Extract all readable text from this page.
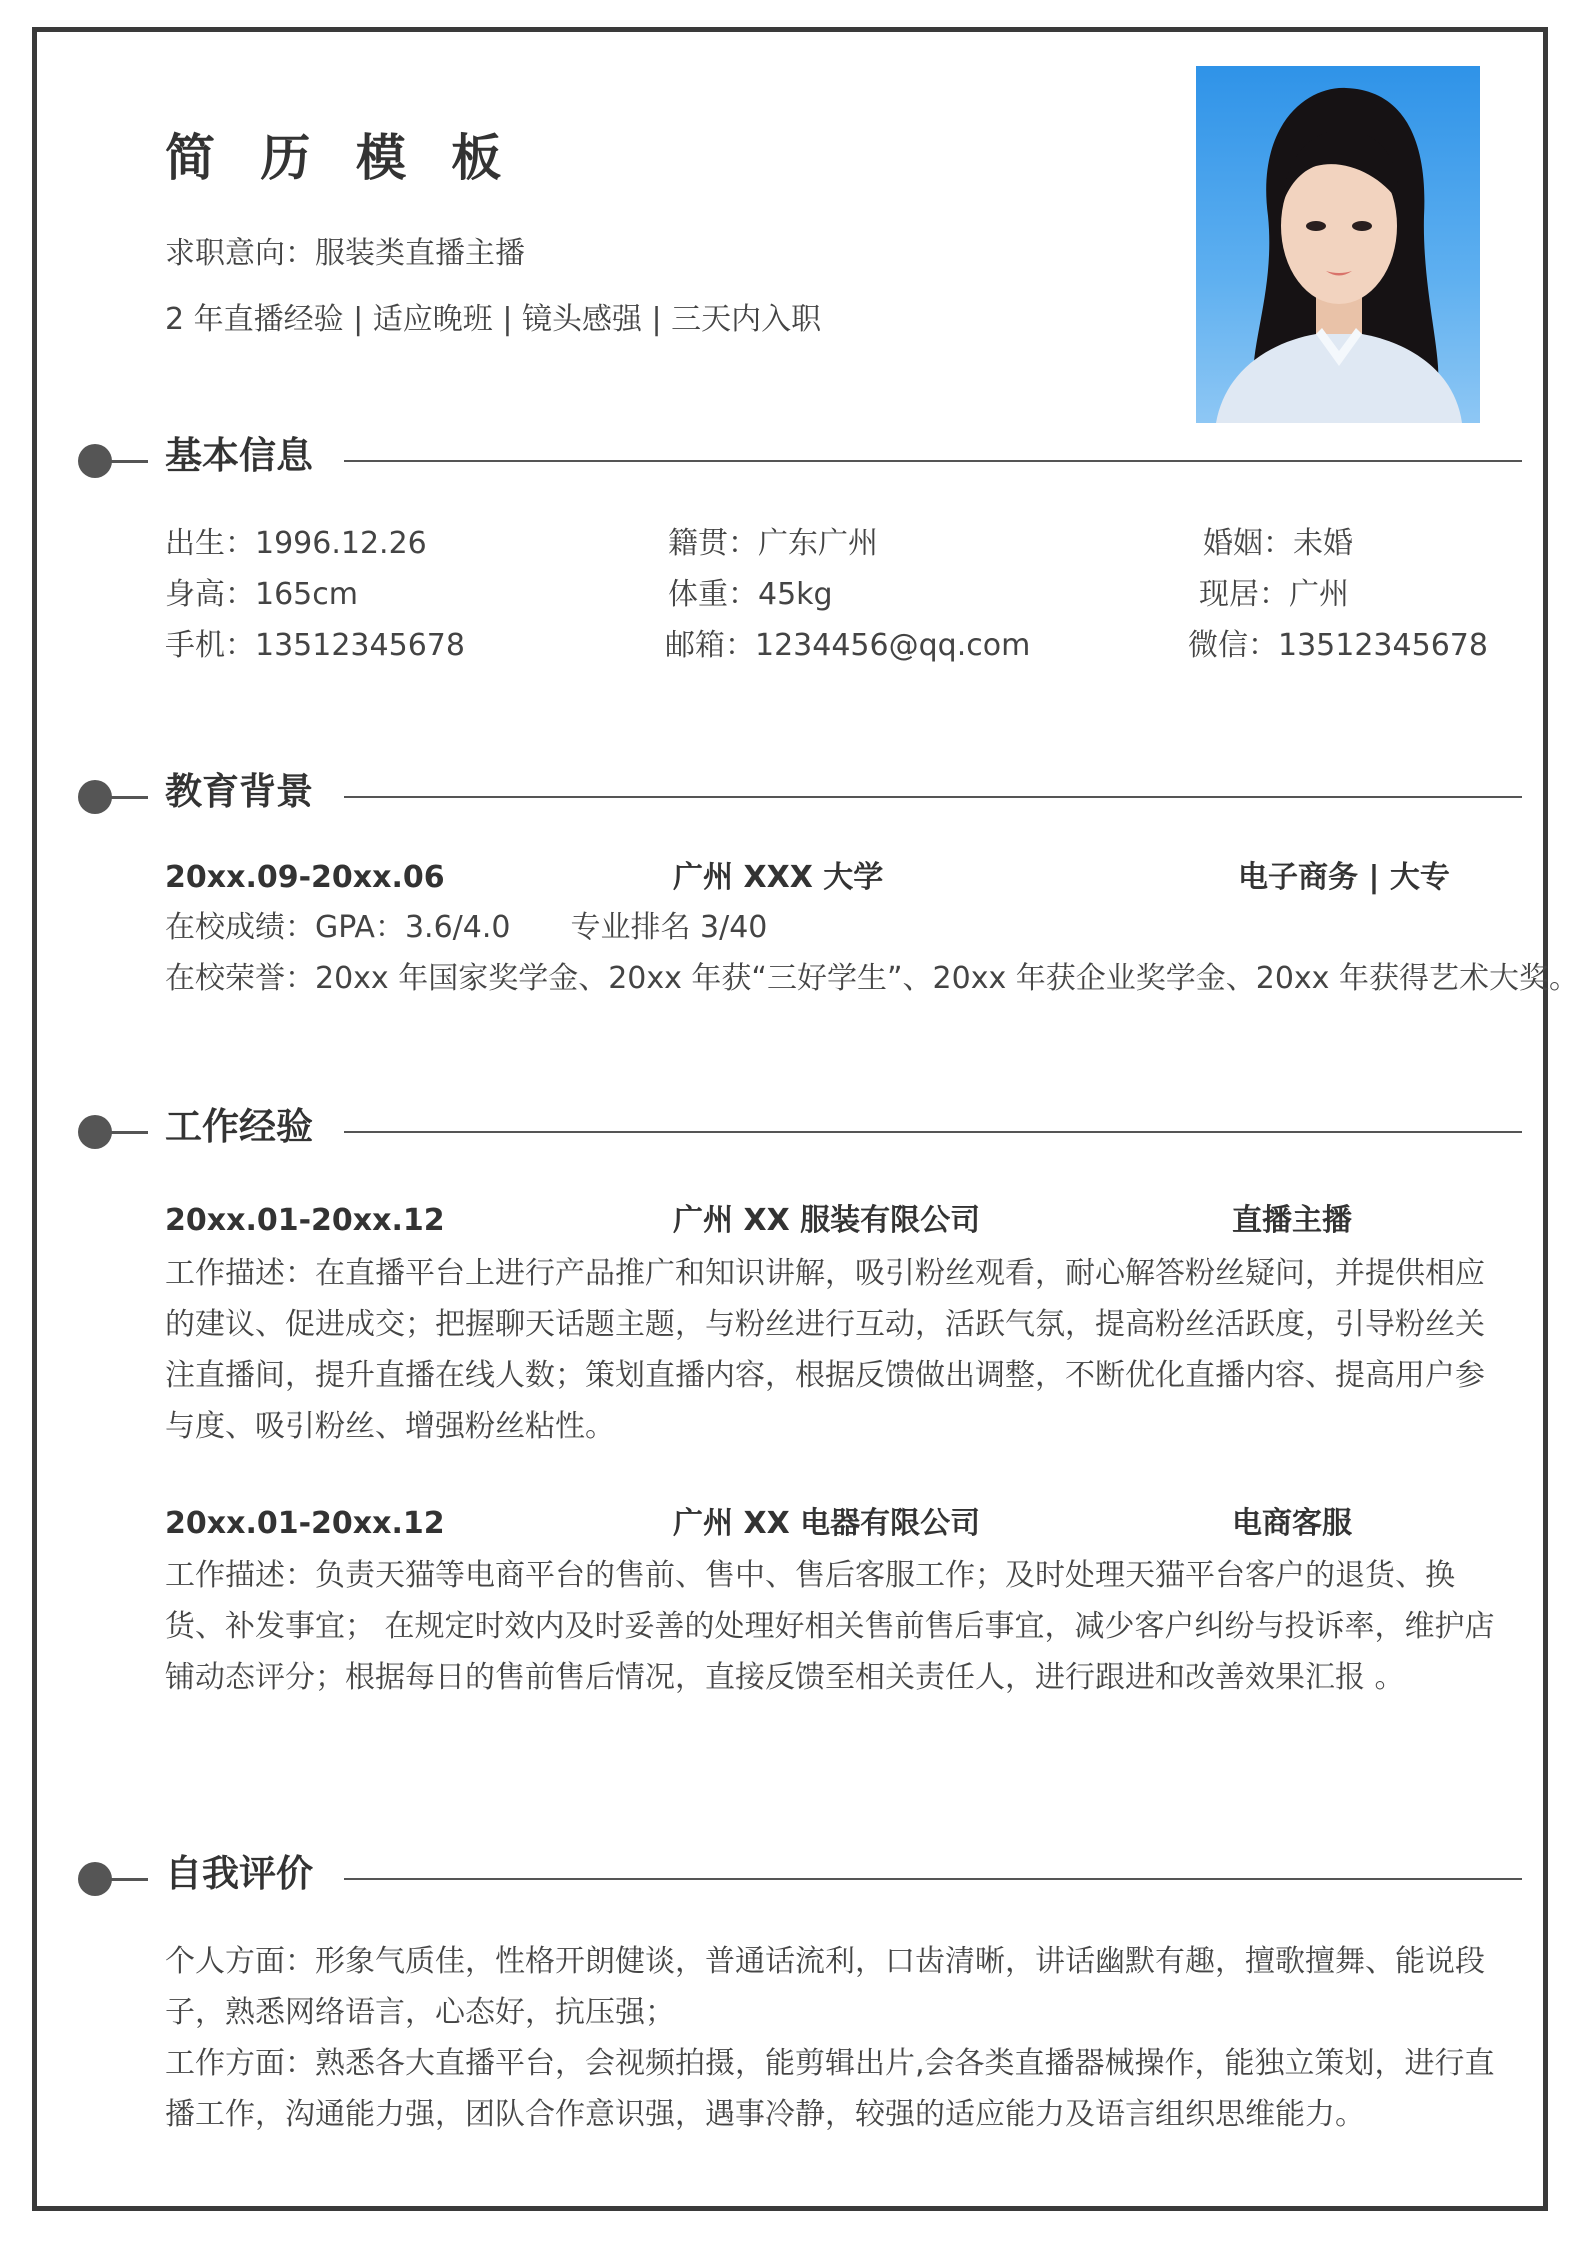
简 历 模 板
求职意向：服装类直播主播
2 年直播经验 | 适应晚班 | 镜头感强 | 三天内入职
基本信息
出生：1996.12.26	籍贯：广东广州	婚姻：未婚
身高：165cm	体重：45kg	现居：广州
手机：13512345678	邮箱：1234456@qq.com	微信：13512345678
教育背景
20xx.09-20xx.06	广州 XXX 大学	电子商务 | 大专
在校成绩：GPA：3.6/4.0　　专业排名 3/40
在校荣誉：20xx 年国家奖学金、20xx 年获“三好学生”、20xx 年获企业奖学金、20xx 年获得艺术大奖。
工作经验
20xx.01-20xx.12	广州 XX 服装有限公司	直播主播

工作描述：在直播平台上进行产品推广和知识讲解，吸引粉丝观看，耐心解答粉丝疑问，并提供相应的建议、促进成交；把握聊天话题主题，与粉丝进行互动，活跃气氛，提高粉丝活跃度，引导粉丝关注直播间，提升直播在线人数；策划直播内容，根据反馈做出调整，不断优化直播内容、提高用户参与度、吸引粉丝、增强粉丝粘性。

20xx.01-20xx.12	广州 XX 电器有限公司	电商客服

工作描述：负责天猫等电商平台的售前、售中、售后客服工作；及时处理天猫平台客户的退货、换货、补发事宜； 在规定时效内及时妥善的处理好相关售前售后事宜，减少客户纠纷与投诉率，维护店铺动态评分；根据每日的售前售后情况，直接反馈至相关责任人，进行跟进和改善效果汇报 。

自我评价

个人方面：形象气质佳，性格开朗健谈，普通话流利，口齿清晰，讲话幽默有趣，擅歌擅舞、能说段子，熟悉网络语言，心态好，抗压强；

工作方面：熟悉各大直播平台，会视频拍摄，能剪辑出片,会各类直播器械操作，能独立策划，进行直播工作，沟通能力强，团队合作意识强，遇事冷静，较强的适应能力及语言组织思维能力。
